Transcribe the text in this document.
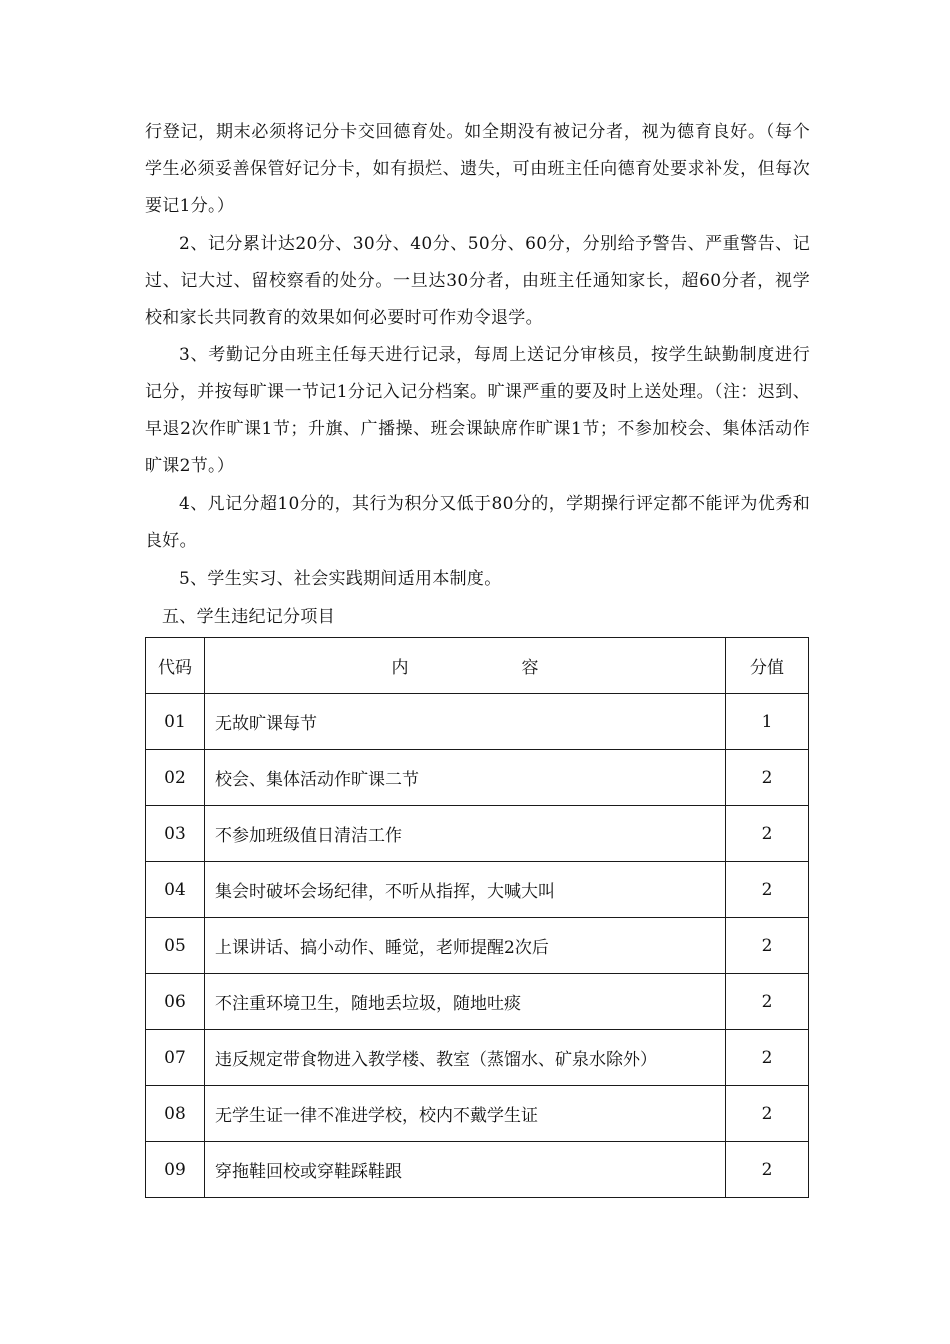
行登记，期末必须将记分卡交回德育处。如全期没有被记分者，视为德育良好。（每个学生必须妥善保管好记分卡，如有损烂、遗失，可由班主任向德育处要求补发，但每次要记1分。）
2、记分累计达20分、30分、40分、50分、60分，分别给予警告、严重警告、记过、记大过、留校察看的处分。一旦达30分者，由班主任通知家长，超60分者，视学校和家长共同教育的效果如何必要时可作劝令退学。
3、考勤记分由班主任每天进行记录，每周上送记分审核员，按学生缺勤制度进行记分，并按每旷课一节记1分记入记分档案。旷课严重的要及时上送处理。（注：迟到、早退2次作旷课1节；升旗、广播操、班会课缺席作旷课1节；不参加校会、集体活动作旷课2节。）
4、凡记分超10分的，其行为积分又低于80分的，学期操行评定都不能评为优秀和良好。
5、学生实习、社会实践期间适用本制度。
五、学生违纪记分项目
代码	内 容	分值
01	无故旷课每节	1
02	校会、集体活动作旷课二节	2
03	不参加班级值日清洁工作	2
04	集会时破坏会场纪律，不听从指挥，大喊大叫	2
05	上课讲话、搞小动作、睡觉，老师提醒2次后	2
06	不注重环境卫生，随地丢垃圾，随地吐痰	2
07	违反规定带食物进入教学楼、教室（蒸馏水、矿泉水除外）	2
08	无学生证一律不准进学校，校内不戴学生证	2
09	穿拖鞋回校或穿鞋踩鞋跟	2
